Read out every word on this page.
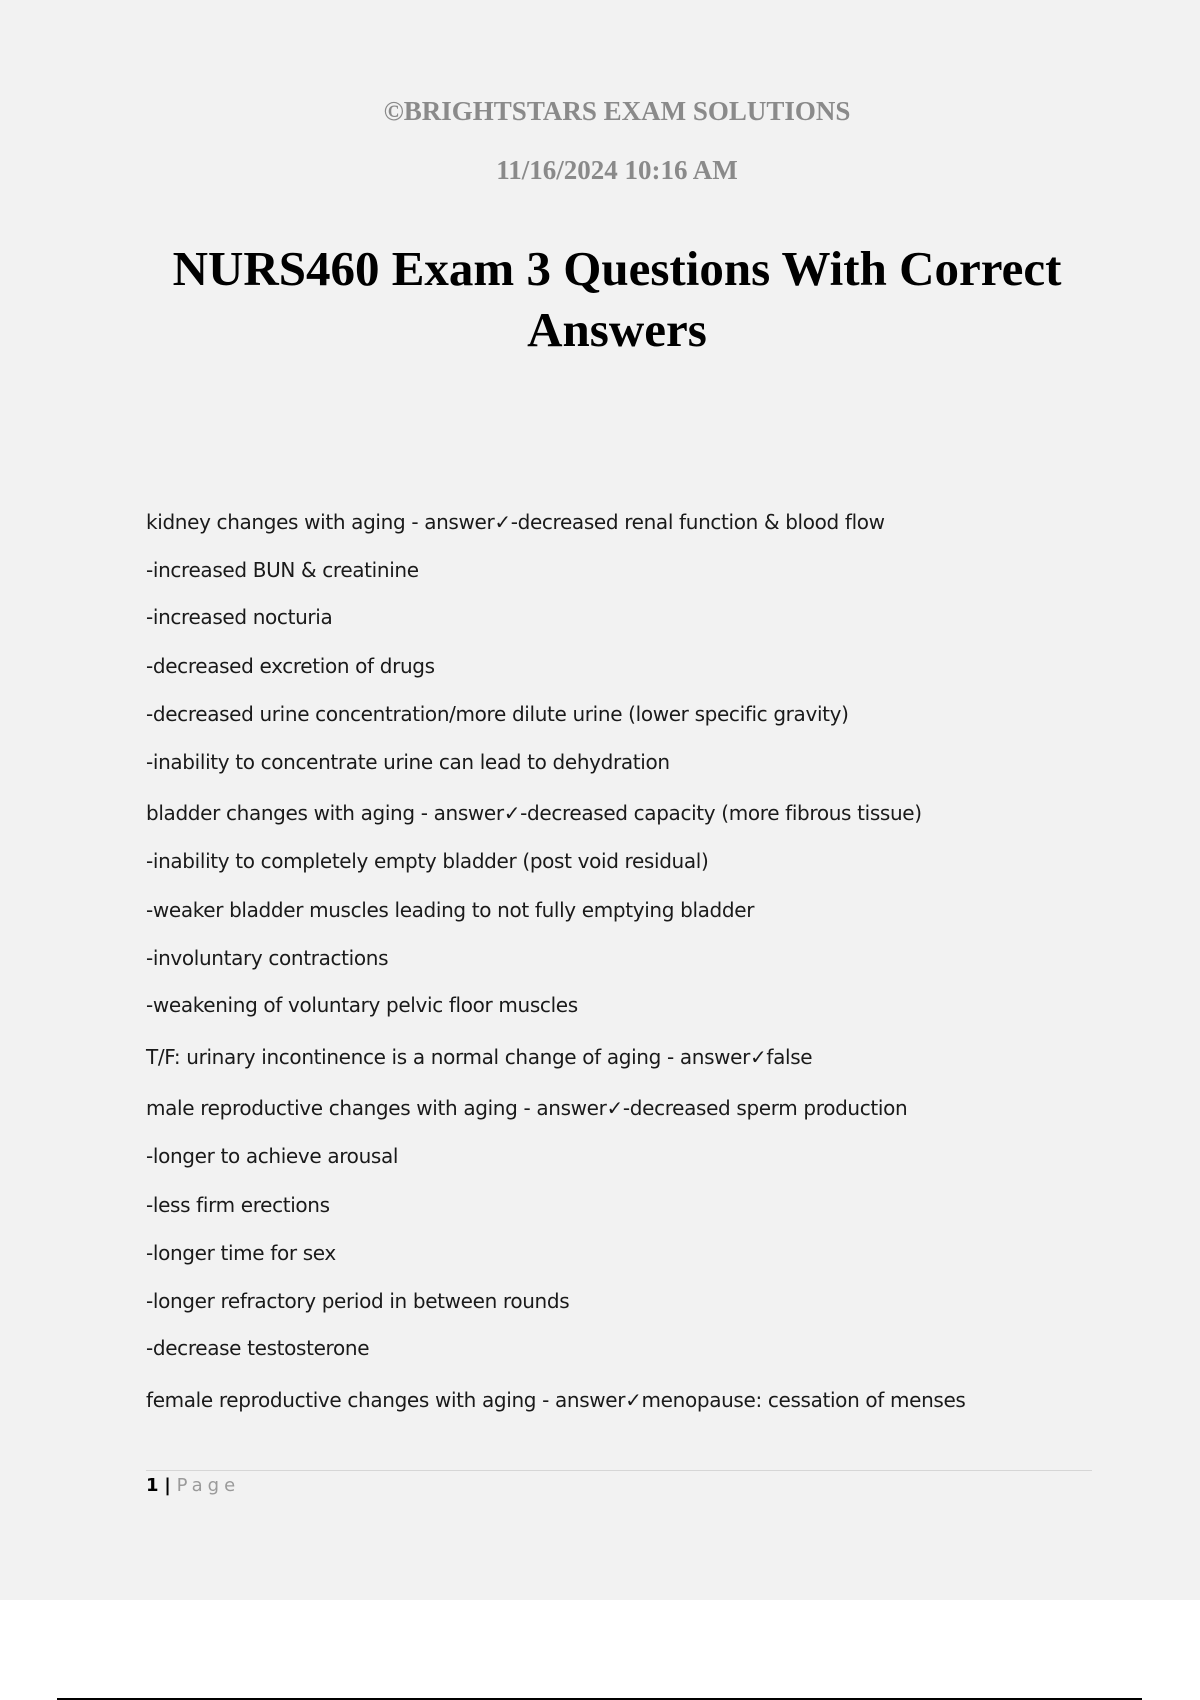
©BRIGHTSTARS EXAM SOLUTIONS

11/16/2024 10:16 AM

NURS460 Exam 3 Questions With Correct Answers
kidney changes with aging - answer✓-decreased renal function & blood flow
-increased BUN & creatinine
-increased nocturia
-decreased excretion of drugs
-decreased urine concentration/more dilute urine (lower specific gravity)
-inability to concentrate urine can lead to dehydration
bladder changes with aging - answer✓-decreased capacity (more fibrous tissue)
-inability to completely empty bladder (post void residual)
-weaker bladder muscles leading to not fully emptying bladder
-involuntary contractions
-weakening of voluntary pelvic floor muscles
T/F: urinary incontinence is a normal change of aging - answer✓false
male reproductive changes with aging - answer✓-decreased sperm production
-longer to achieve arousal
-less firm erections
-longer time for sex
-longer refractory period in between rounds
-decrease testosterone
female reproductive changes with aging - answer✓menopause: cessation of menses
1 | Page
